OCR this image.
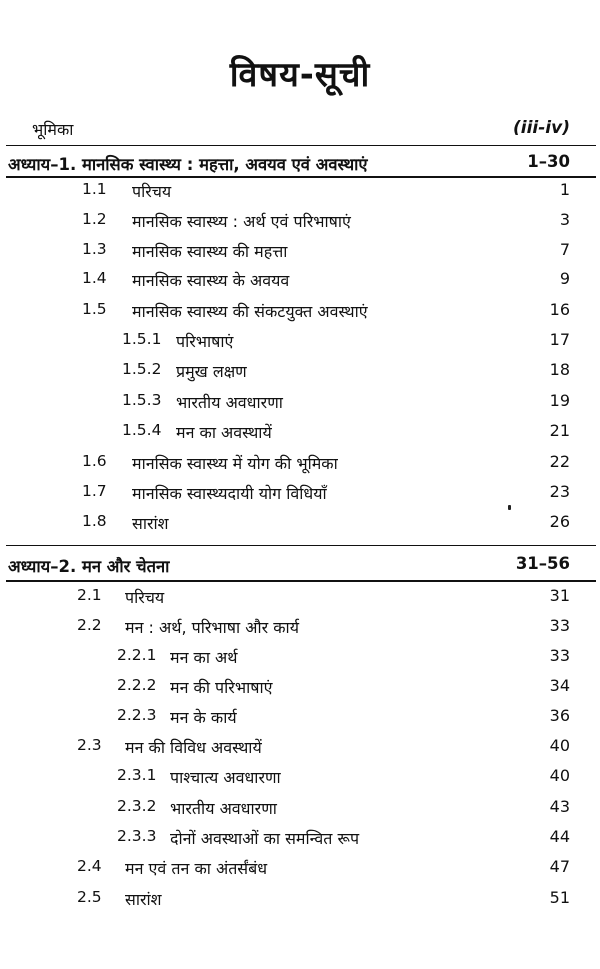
विषय-सूची
भूमिका	(iii-iv)
अध्याय–1. मानसिक स्वास्थ्य : महत्ता, अवयव एवं अवस्थाएं	1–30
1.1 परिचय	1
1.2 मानसिक स्वास्थ्य : अर्थ एवं परिभाषाएं	3
1.3 मानसिक स्वास्थ्य की महत्ता	7
1.4 मानसिक स्वास्थ्य के अवयव	9
1.5 मानसिक स्वास्थ्य की संकटयुक्त अवस्थाएं	16
1.5.1 परिभाषाएं	17
1.5.2 प्रमुख लक्षण	18
1.5.3 भारतीय अवधारणा	19
1.5.4 मन का अवस्थायें	21
1.6 मानसिक स्वास्थ्य में योग की भूमिका	22
1.7 मानसिक स्वास्थ्यदायी योग विधियाँ	23
1.8 सारांश	26
अध्याय–2. मन और चेतना	31–56
2.1 परिचय	31
2.2 मन : अर्थ, परिभाषा और कार्य	33
2.2.1 मन का अर्थ	33
2.2.2 मन की परिभाषाएं	34
2.2.3 मन के कार्य	36
2.3 मन की विविध अवस्थायें	40
2.3.1 पाश्चात्य अवधारणा	40
2.3.2 भारतीय अवधारणा	43
2.3.3 दोनों अवस्थाओं का समन्वित रूप	44
2.4 मन एवं तन का अंतर्संबंध	47
2.5 सारांश	51
